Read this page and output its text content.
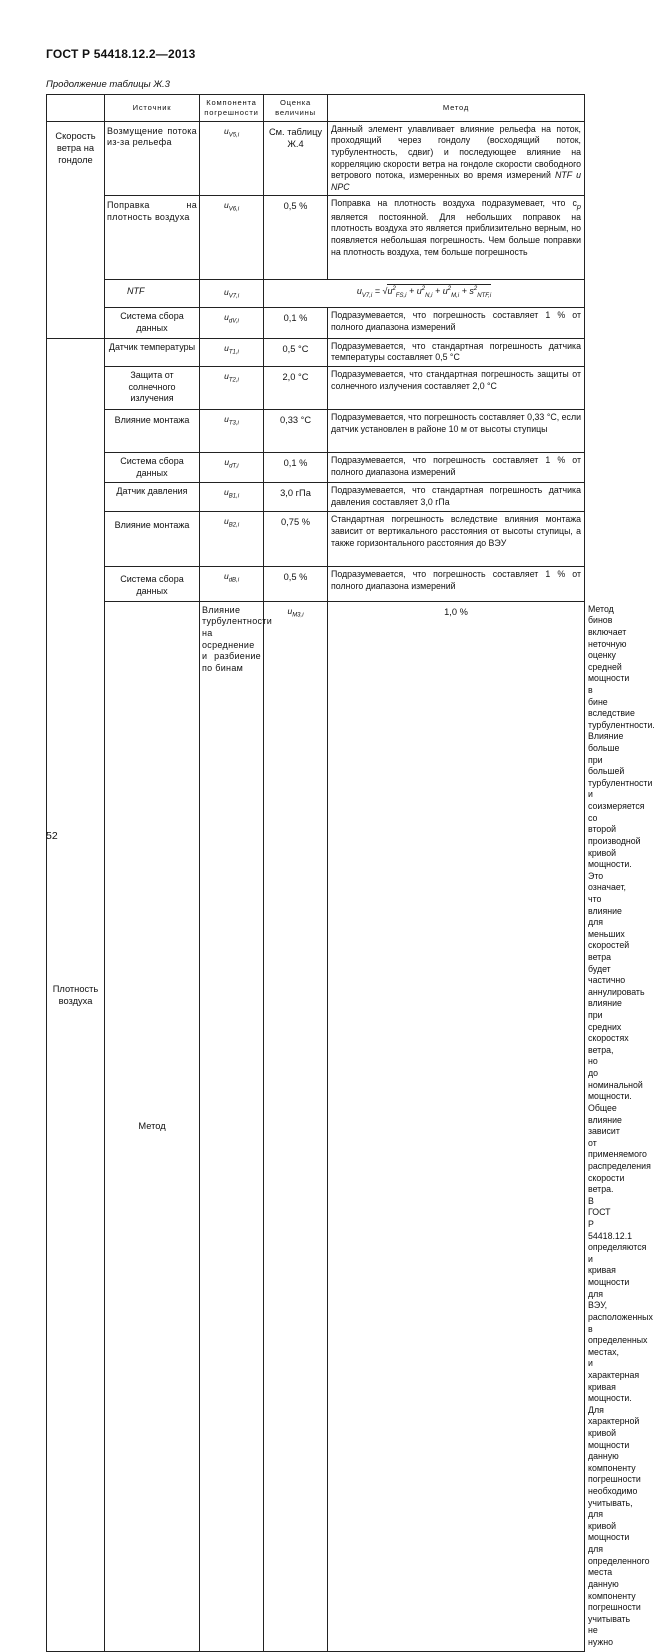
ГОСТ Р 54418.12.2—2013
Продолжение таблицы Ж.3
	Источник	Компонента погрешности	Оценка величины	Метод	
Скорость ветра на гондоле	Возмущение потока из-за рельефа	$u_{V5,i}$	См. таблицу Ж.4	Данный элемент улавливает влияние рельефа на поток, проходящий через гондолу (восходящий поток, турбулентность, сдвиг) и последующее влияние на корреляцию скорости ветра на гондоле скорости свободного ветрового потока, измеренных во время измерений NTF и NPC	
	Поправка на плотность воздуха	$u_{V6,i}$	0,5 %	Поправка на плотность воздуха подразумевает, что $c_p$ является постоянной. Для небольших поправок на плотность воздуха это является приблизительно верным, но появляется небольшая погрешность. Чем больше поправки на плотность воздуха, тем больше погрешность	
	NTF	$u_{V7,i}$	$u_{V7,i} = √u^2_{FS,i} + u^2_{N,i} + u^2_{M,i} + s^2_{NTF,i}$
	Система сбора данных	$u_{dV,i}$	0,1 %	Подразумевается, что погрешность составляет 1 % от полного диапазона измерений	
Плотность воздуха	Датчик температуры	$u_{T1,i}$	0,5 °С	Подразумевается, что стандартная погрешность датчика температуры составляет 0,5 °С	
	Защита от солнечного излучения	$u_{T2,i}$	2,0 °С	Подразумевается, что стандартная погрешность защиты от солнечного излучения составляет 2,0 °С	
	Влияние монтажа	$u_{T3,i}$	0,33 °С	Подразумевается, что погрешность составляет 0,33 °С, если датчик установлен в районе 10 м от высоты ступицы	
	Система сбора данных	$u_{dT,i}$	0,1 %	Подразумевается, что погрешность составляет 1 % от полного диапазона измерений	
	Датчик давления	$u_{B1,i}$	3,0 гПа	Подразумевается, что стандартная погрешность датчика давления составляет 3,0 гПа	
	Влияние монтажа	$u_{B2,i}$	0,75 %	Стандартная погрешность вследствие влияния монтажа зависит от вертикального расстояния от высоты ступицы, а также горизонтального расстояния до ВЭУ	
	Система сбора данных	$u_{dB,i}$	0,5 %	Подразумевается, что погрешность составляет 1 % от полного диапазона измерений	
	Метод	Влияние турбулентности на осреднение и разбиение по бинам	$u_{M3,i}$	1,0 %	Метод бинов включает неточную оценку средней мощности в бине вследствие турбулентности. Влияние больше при большей турбулентности и соизмеряется со второй производной кривой мощности. Это означает, что влияние для меньших скоростей ветра будет частично аннулировать влияние при средних скоростях ветра, но до номинальной мощности. Общее влияние зависит от применяемого распределения скорости ветра. В ГОСТ Р 54418.12.1 определяются и кривая мощности для ВЭУ, расположенных в определенных местах, и характерная кривая мощности. Для характерной кривой мощности данную компоненту погрешности необходимо учитывать, для кривой мощности для определенного места данную компоненту погрешности учитывать не нужно
52
